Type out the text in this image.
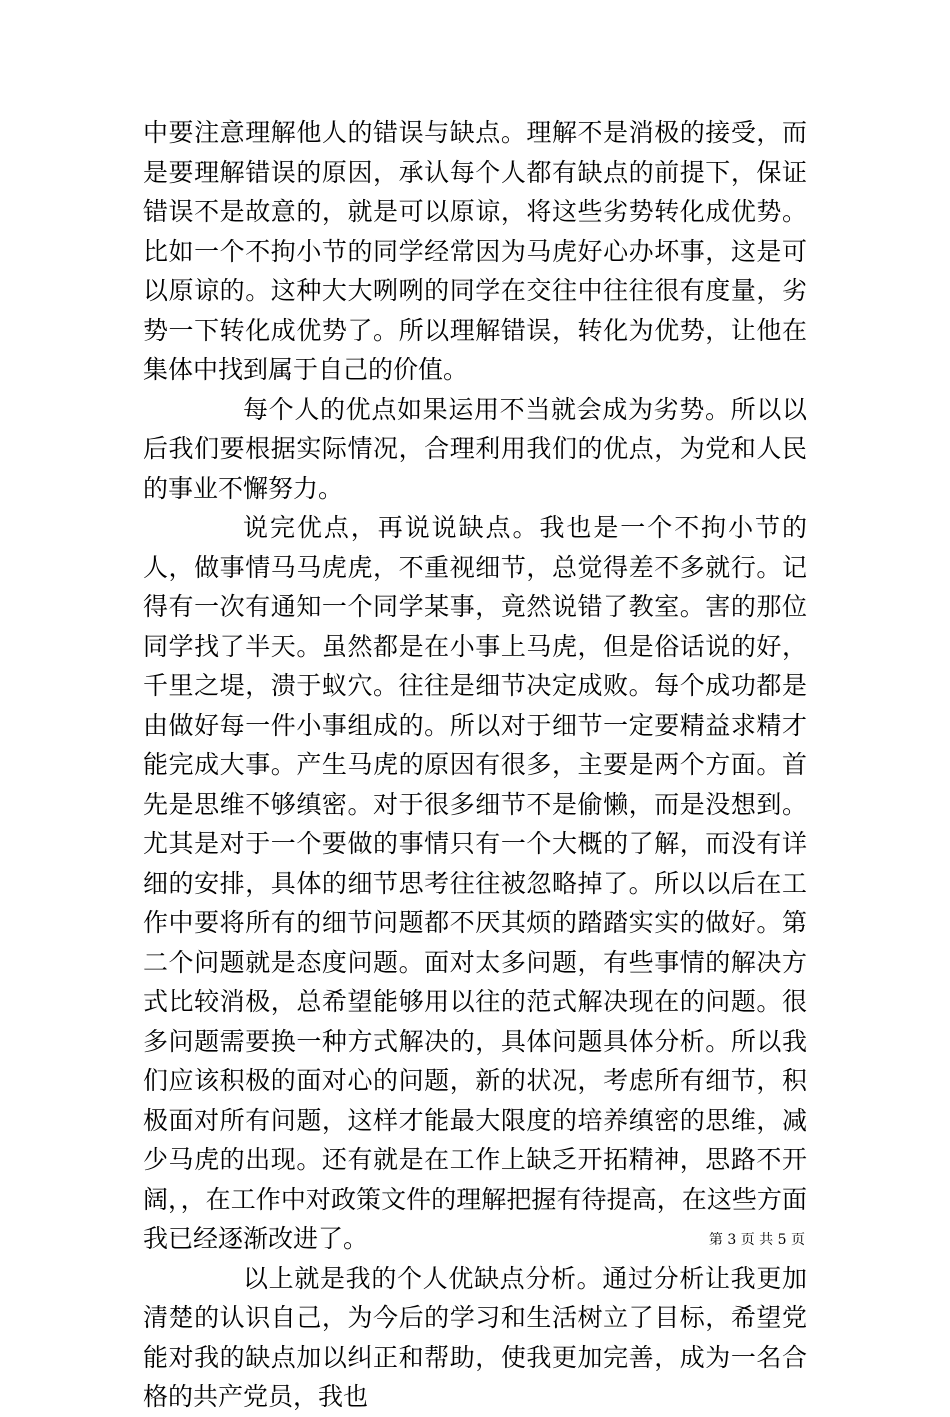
中要注意理解他人的错误与缺点。理解不是消极的接受，而是要理解错误的原因，承认每个人都有缺点的前提下，保证错误不是故意的，就是可以原谅，将这些劣势转化成优势。比如一个不拘小节的同学经常因为马虎好心办坏事，这是可以原谅的。这种大大咧咧的同学在交往中往往很有度量，劣势一下转化成优势了。所以理解错误，转化为优势，让他在集体中找到属于自己的价值。

每个人的优点如果运用不当就会成为劣势。所以以后我们要根据实际情况，合理利用我们的优点，为党和人民的事业不懈努力。

说完优点，再说说缺点。我也是一个不拘小节的人，做事情马马虎虎，不重视细节，总觉得差不多就行。记得有一次有通知一个同学某事，竟然说错了教室。害的那位同学找了半天。虽然都是在小事上马虎，但是俗话说的好，千里之堤，溃于蚁穴。往往是细节决定成败。每个成功都是由做好每一件小事组成的。所以对于细节一定要精益求精才能完成大事。产生马虎的原因有很多，主要是两个方面。首先是思维不够缜密。对于很多细节不是偷懒，而是没想到。尤其是对于一个要做的事情只有一个大概的了解，而没有详细的安排，具体的细节思考往往被忽略掉了。所以以后在工作中要将所有的细节问题都不厌其烦的踏踏实实的做好。第二个问题就是态度问题。面对太多问题，有些事情的解决方式比较消极，总希望能够用以往的范式解决现在的问题。很多问题需要换一种方式解决的，具体问题具体分析。所以我们应该积极的面对心的问题，新的状况，考虑所有细节，积极面对所有问题，这样才能最大限度的培养缜密的思维，减少马虎的出现。还有就是在工作上缺乏开拓精神，思路不开阔，，在工作中对政策文件的理解把握有待提高，在这些方面我已经逐渐改进了。

以上就是我的个人优缺点分析。通过分析让我更加清楚的认识自己，为今后的学习和生活树立了目标，希望党能对我的缺点加以纠正和帮助，使我更加完善，成为一名合格的共产党员，我也

第 3 页 共 5 页
